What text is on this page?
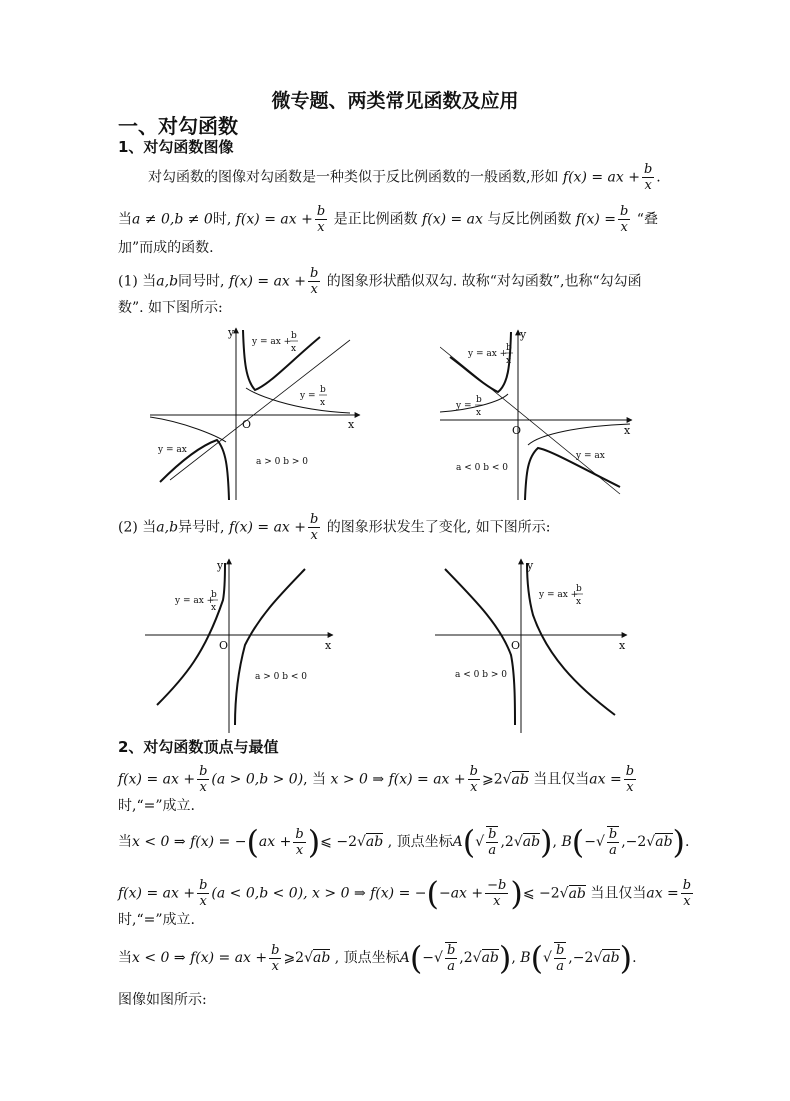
微专题、两类常见函数及应用
一、对勾函数
1、对勾函数图像
对勾函数的图像对勾函数是一种类似于反比例函数的一般函数,形如 f(x) = ax + $\frac{b}{x}$ .
当a ≠ 0,b ≠ 0时, f(x) = ax + $\frac{b}{x}$ 是正比例函数 f(x) = ax 与反比例函数 $f(x) = \frac{b}{x}$ “叠
加”而成的函数.
(1) 当a,b同号时, f(x) = ax + $\frac{b}{x}$ 的图象形状酷似双勾. 故称“对勾函数”,也称“勾勾函
数”. 如下图所示:
y
x
O
y = ax +
b
x
y =
b
x
y = ax
a > 0 b > 0
y
x
O
y = ax +
b
x
y =
b
x
y = ax
a < 0 b < 0
(2) 当a,b异号时, f(x) = ax + $\frac{b}{x}$ 的图象形状发生了变化, 如下图所示:
y
x
O
y = ax +
b
x
a > 0 b < 0
y
x
O
y = ax +
b
x
a < 0 b > 0
2、对勾函数顶点与最值
f(x) = ax + $\frac{b}{x} (a > 0,b > 0)$, 当 x > 0 ⇒ f(x) = ax + $\frac{b}{x}$ ⩾2√ab 当且仅当ax = $\frac{b}{x}$
时,“=”成立.
当x < 0 ⇒ $f(x) = -(ax + \frac{b}{x}$ )⩽ −2√ab , 顶点坐标$A(√ \frac{b}{a} ,2√ab)$, $B(-√ \frac{b}{a} ,-2√ab)$.
f(x) = ax + $\frac{b}{x} (a < 0,b < 0)$, x > 0 ⇒ $f(x) = -(-ax + \frac{-b}{x}$ )⩽ −2√ab 当且仅当ax = $\frac{b}{x}$
时,“=”成立.
当x < 0 ⇒ f(x) = ax + $\frac{b}{x}$ ⩾2√ab , 顶点坐标$A(-√ \frac{b}{a} ,2√ab)$, $B(√ \frac{b}{a} ,-2√ab)$.
图像如图所示:
